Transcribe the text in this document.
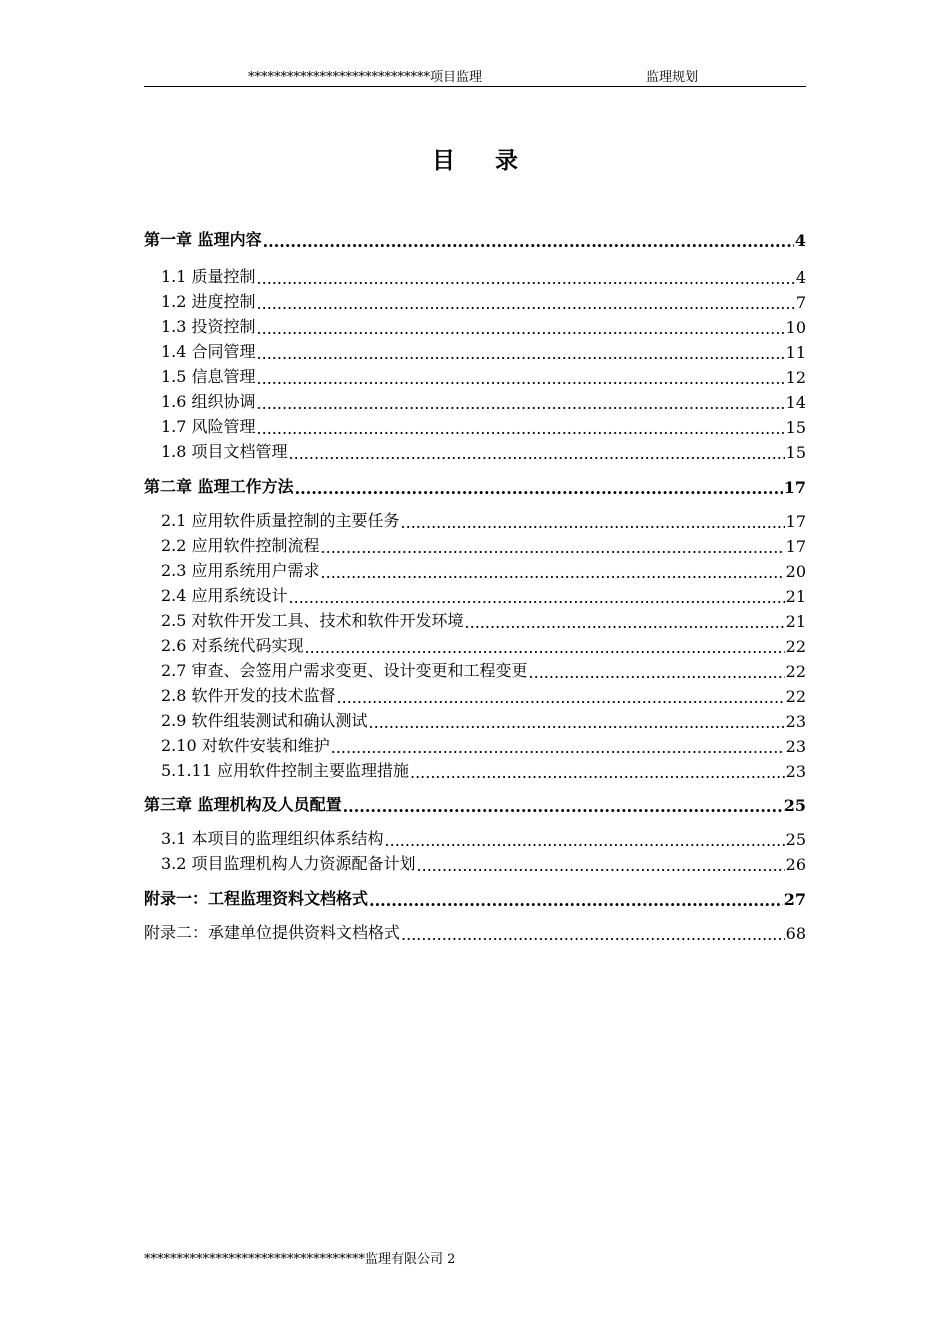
****************************项目监理	监理规划
目 录
第一章 监理内容 .....	4
1.1 质量控制 .....	4
1.2 进度控制 .....	7
1.3 投资控制 .....	10
1.4 合同管理 .....	11
1.5 信息管理 .....	12
1.6 组织协调 .....	14
1.7 风险管理 .....	15
1.8 项目文档管理 .....	15
第二章 监理工作方法 .....	17
2.1 应用软件质量控制的主要任务 .....	17
2.2 应用软件控制流程 .....	17
2.3 应用系统用户需求 .....	20
2.4 应用系统设计 .....	21
2.5 对软件开发工具、技术和软件开发环境 .....	21
2.6 对系统代码实现 .....	22
2.7 审查、会签用户需求变更、设计变更和工程变更 .....	22
2.8 软件开发的技术监督 .....	22
2.9 软件组装测试和确认测试 .....	23
2.10 对软件安装和维护 .....	23
5.1.11 应用软件控制主要监理措施 .....	23
第三章 监理机构及人员配置 .....	25
3.1 本项目的监理组织体系结构 .....	25
3.2 项目监理机构人力资源配备计划 .....	26
附录一：工程监理资料文档格式 .....	27
附录二：承建单位提供资料文档格式 .....	68
**********************************监理有限公司 2
